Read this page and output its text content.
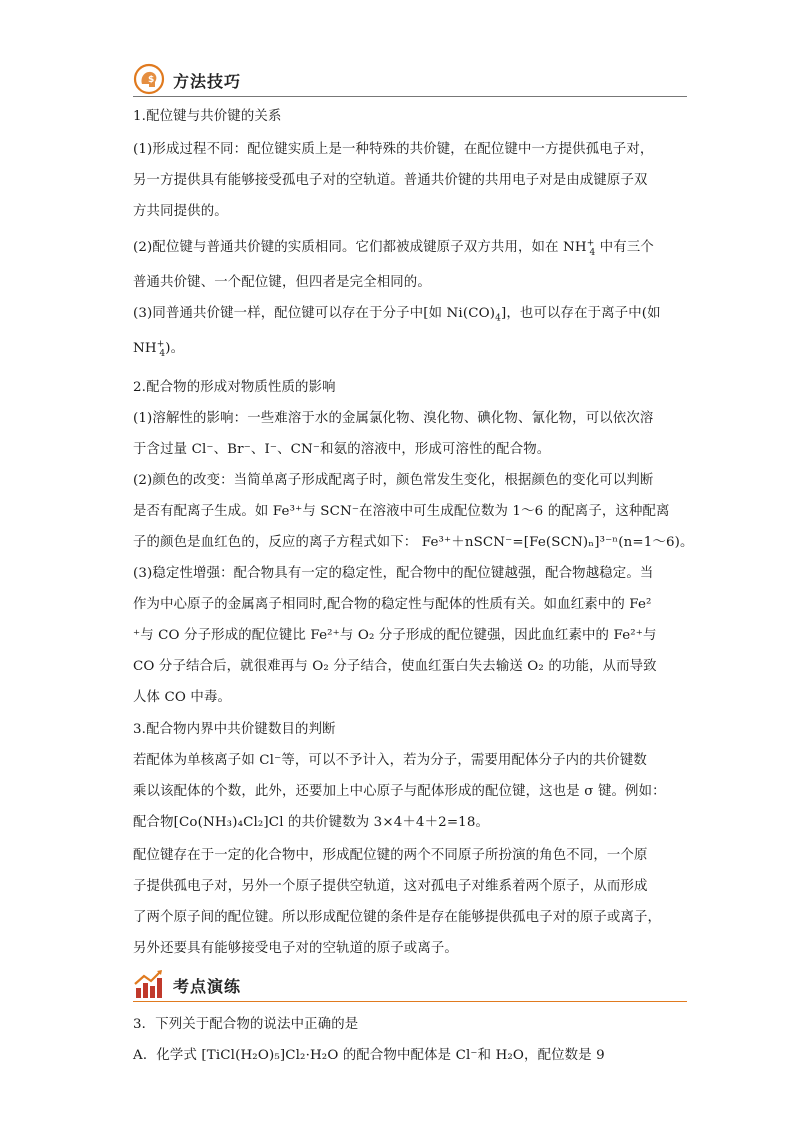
$ 方法技巧
1.配位键与共价键的关系
(1)形成过程不同：配位键实质上是一种特殊的共价键，在配位键中一方提供孤电子对，
另一方提供具有能够接受孤电子对的空轨道。普通共价键的共用电子对是由成键原子双
方共同提供的。
(2)配位键与普通共价键的实质相同。它们都被成键原子双方共用，如在 $NH^+_4$ 中有三个
普通共价键、一个配位键，但四者是完全相同的。
(3)同普通共价键一样，配位键可以存在于分子中[如 $Ni(CO)_4$]，也可以存在于离子中(如
$NH^+_4$)。
2.配合物的形成对物质性质的影响
(1)溶解性的影响：一些难溶于水的金属氯化物、溴化物、碘化物、氰化物，可以依次溶
于含过量 Cl⁻、Br⁻、I⁻、CN⁻和氨的溶液中，形成可溶性的配合物。
(2)颜色的改变：当简单离子形成配离子时，颜色常发生变化，根据颜色的变化可以判断
是否有配离子生成。如 Fe³⁺与 SCN⁻在溶液中可生成配位数为 1～6 的配离子，这种配离
子的颜色是血红色的，反应的离子方程式如下： Fe³⁺＋nSCN⁻=[Fe(SCN)ₙ]³⁻ⁿ(n=1～6)。
(3)稳定性增强：配合物具有一定的稳定性，配合物中的配位键越强，配合物越稳定。当
作为中心原子的金属离子相同时,配合物的稳定性与配体的性质有关。如血红素中的 Fe²
⁺与 CO 分子形成的配位键比 Fe²⁺与 O₂ 分子形成的配位键强，因此血红素中的 Fe²⁺与
CO 分子结合后，就很难再与 O₂ 分子结合，使血红蛋白失去输送 O₂ 的功能，从而导致
人体 CO 中毒。
3.配合物内界中共价键数目的判断
若配体为单核离子如 Cl⁻等，可以不予计入，若为分子，需要用配体分子内的共价键数
乘以该配体的个数，此外，还要加上中心原子与配体形成的配位键，这也是 σ 键。例如：
配合物[Co(NH₃)₄Cl₂]Cl 的共价键数为 3×4＋4＋2=18。
配位键存在于一定的化合物中，形成配位键的两个不同原子所扮演的角色不同，一个原
子提供孤电子对，另外一个原子提供空轨道，这对孤电子对维系着两个原子，从而形成
了两个原子间的配位键。所以形成配位键的条件是存在能够提供孤电子对的原子或离子，
另外还要具有能够接受电子对的空轨道的原子或离子。
考点演练
3．下列关于配合物的说法中正确的是
A．化学式 [TiCl(H₂O)₅]Cl₂·H₂O 的配合物中配体是 Cl⁻和 H₂O，配位数是 9
